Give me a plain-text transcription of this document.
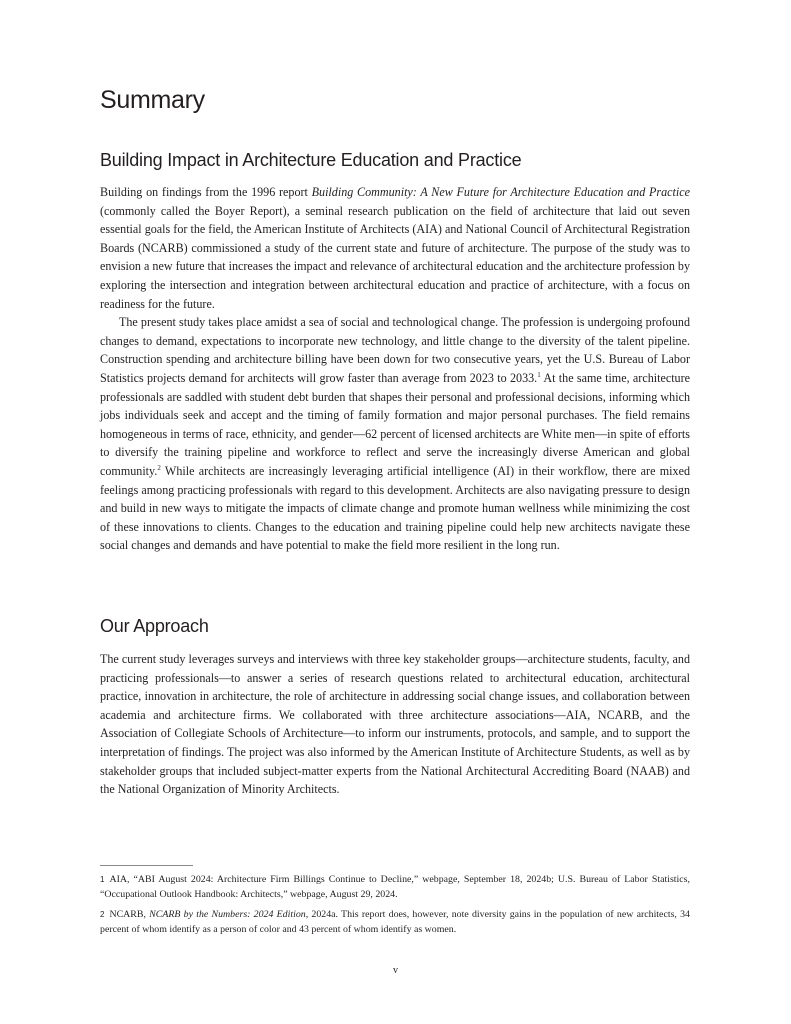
Summary
Building Impact in Architecture Education and Practice

Building on findings from the 1996 report Building Community: A New Future for Architecture Education and Practice (commonly called the Boyer Report), a seminal research publication on the field of architecture that laid out seven essential goals for the field, the American Institute of Architects (AIA) and National Council of Architectural Registration Boards (NCARB) commissioned a study of the current state and future of architecture. The purpose of the study was to envision a new future that increases the impact and relevance of architectural education and the architecture profession by exploring the intersection and integration between architectural education and practice of architecture, with a focus on readiness for the future.

The present study takes place amidst a sea of social and technological change. The profession is undergoing profound changes to demand, expectations to incorporate new technology, and little change to the diversity of the talent pipeline. Construction spending and architecture billing have been down for two consecutive years, yet the U.S. Bureau of Labor Statistics projects demand for architects will grow faster than average from 2023 to 2033.$^1$ At the same time, architecture professionals are saddled with student debt burden that shapes their personal and professional decisions, informing which jobs individuals seek and accept and the timing of family formation and major personal purchases. The field remains homogeneous in terms of race, ethnicity, and gender—62 percent of licensed architects are White men—in spite of efforts to diversify the training pipeline and workforce to reflect and serve the increasingly diverse American and global community.$^2$ While architects are increasingly leveraging artificial intelligence (AI) in their workflow, there are mixed feelings among practicing professionals with regard to this development. Architects are also navigating pressure to design and build in new ways to mitigate the impacts of climate change and promote human wellness while minimizing the cost of these innovations to clients. Changes to the education and training pipeline could help new architects navigate these social changes and demands and have potential to make the field more resilient in the long run.

Our Approach

The current study leverages surveys and interviews with three key stakeholder groups—architecture students, faculty, and practicing professionals—to answer a series of research questions related to architectural education, architectural practice, innovation in architecture, the role of architecture in addressing social change issues, and collaboration between academia and architecture firms. We collaborated with three architecture associations—AIA, NCARB, and the Association of Collegiate Schools of Architecture—to inform our instruments, protocols, and sample, and to support the interpretation of findings. The project was also informed by the American Institute of Architecture Students, as well as by stakeholder groups that included subject-matter experts from the National Architectural Accrediting Board (NAAB) and the National Organization of Minority Architects.

$^1$ AIA, “ABI August 2024: Architecture Firm Billings Continue to Decline,” webpage, September 18, 2024b; U.S. Bureau of Labor Statistics, “Occupational Outlook Handbook: Architects,” webpage, August 29, 2024.

$^2$ NCARB, NCARB by the Numbers: 2024 Edition, 2024a. This report does, however, note diversity gains in the population of new architects, 34 percent of whom identify as a person of color and 43 percent of whom identify as women.

v
